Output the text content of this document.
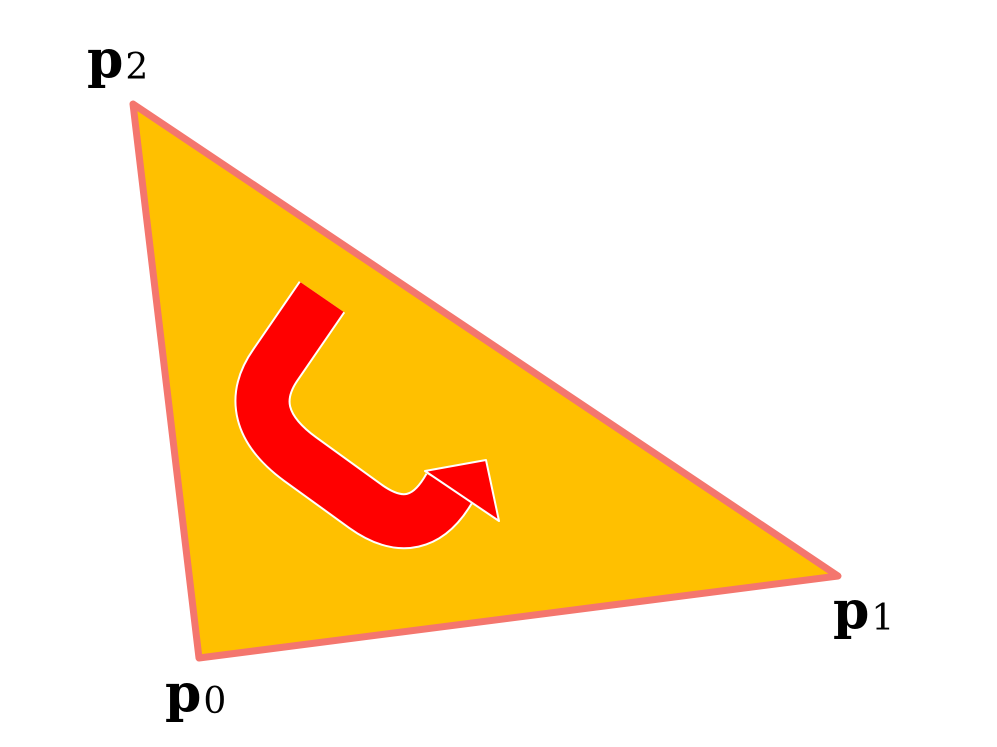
p2
p1
p0
